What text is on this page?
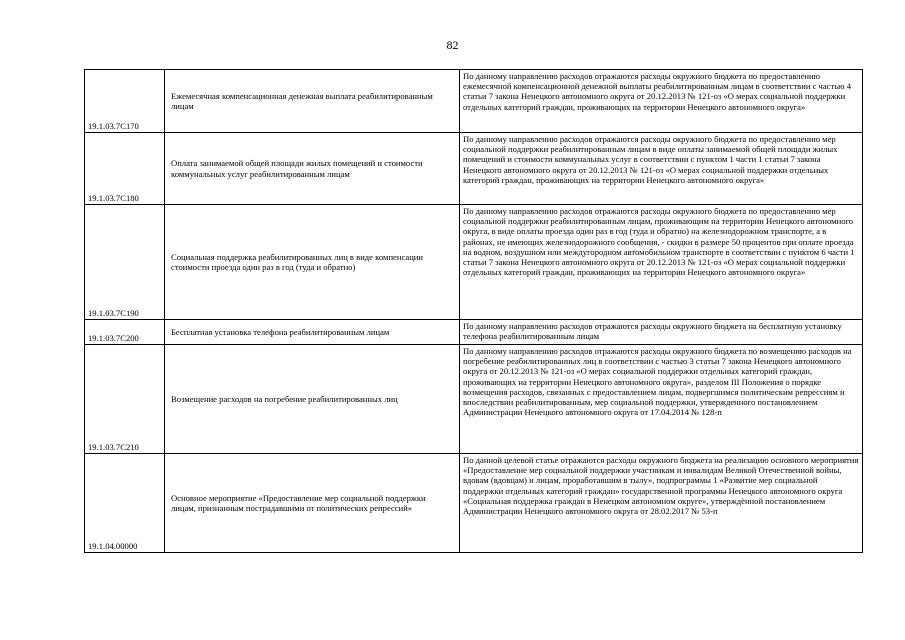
82
19.1.03.7С170	Ежемесячная компенсационная денежная выплата реабилитированным лицам	По данному направлению расходов отражаются расходы окружного бюджета по предоставлению ежемесячной компенсационной денежной выплаты реабилитированным лицам в соответствии с частью 4 статьи 7 закона Ненецкого автономного округа от 20.12.2013 № 121-оз «О мерах социальной поддержки отдельных категорий граждан, проживающих на территории Ненецкого автономного округа»
19.1.03.7С180	Оплата занимаемой общей площади жилых помещений и стоимости коммунальных услуг реабилитированным лицам	По данному направлению расходов отражаются расходы окружного бюджета по предоставлению мер социальной поддержки реабилитированным лицам в виде оплаты занимаемой общей площади жилых помещений и стоимости коммунальных услуг в соответствии с пунктом 1 части 1 статьи 7 закона Ненецкого автономного округа от 20.12.2013 № 121-оз «О мерах социальной поддержки отдельных категорий граждан, проживающих на территории Ненецкого автономного округа»
19.1.03.7С190	Социальная поддержка реабилитированных лиц в виде компенсации стоимости проезда один раз в год (туда и обратно)	По данному направлению расходов отражаются расходы окружного бюджета по предоставлению мер социальной поддержки реабилитированным лицам, проживающим на территории Ненецкого автономного округа, в виде оплаты проезда один раз в год (туда и обратно) на железнодорожном транспорте, а в районах, не имеющих железнодорожного сообщения, - скидки в размере 50 процентов при оплате проезда на водном, воздушном или междугородном автомобильном транспорте в соответствии с пунктом 6 части 1 статьи 7 закона Ненецкого автономного округа от 20.12.2013 № 121-оз «О мерах социальной поддержки отдельных категорий граждан, проживающих на территории Ненецкого автономного округа»
19.1.03.7С200	Бесплатная установка телефона реабилитированным лицам	По данному направлению расходов отражаются расходы окружного бюджета на бесплатную установку телефона реабилитированным лицам
19.1.03.7С210	Возмещение расходов на погребение реабилитированных лиц	По данному направлению расходов отражаются расходы окружного бюджета по возмещению расходов на погребение реабилитированных лиц в соответствии с частью 3 статьи 7 закона Ненецкого автономного округа от 20.12.2013 № 121-оз «О мерах социальной поддержки отдельных категорий граждан, проживающих на территории Ненецкого автономного округа», разделом III Положения о порядке возмещения расходов, связанных с предоставлением лицам, подвергшимся политическим репрессиям и впоследствии реабилитированным, мер социальной поддержки, утвержденного постановлением Администрации Ненецкого автономного округа от 17.04.2014 № 128-п
19.1.04.00000	Основное мероприятие «Предоставление мер социальной поддержки лицам, признанным пострадавшими от политических репрессий»	По данной целевой статье отражаются расходы окружного бюджета на реализацию основного мероприятия «Предоставление мер социальной поддержки участникам и инвалидам Великой Отечественной войны, вдовам (вдовцам) и лицам, проработавшим в тылу», подпрограммы 1 «Развитие мер социальной поддержки отдельных категорий граждан» государственной программы Ненецкого автономного округа «Социальная поддержка граждан в Ненецком автономном округе», утверждённой постановлением Администрации Ненецкого автономного округа от 28.02.2017 № 53-п
